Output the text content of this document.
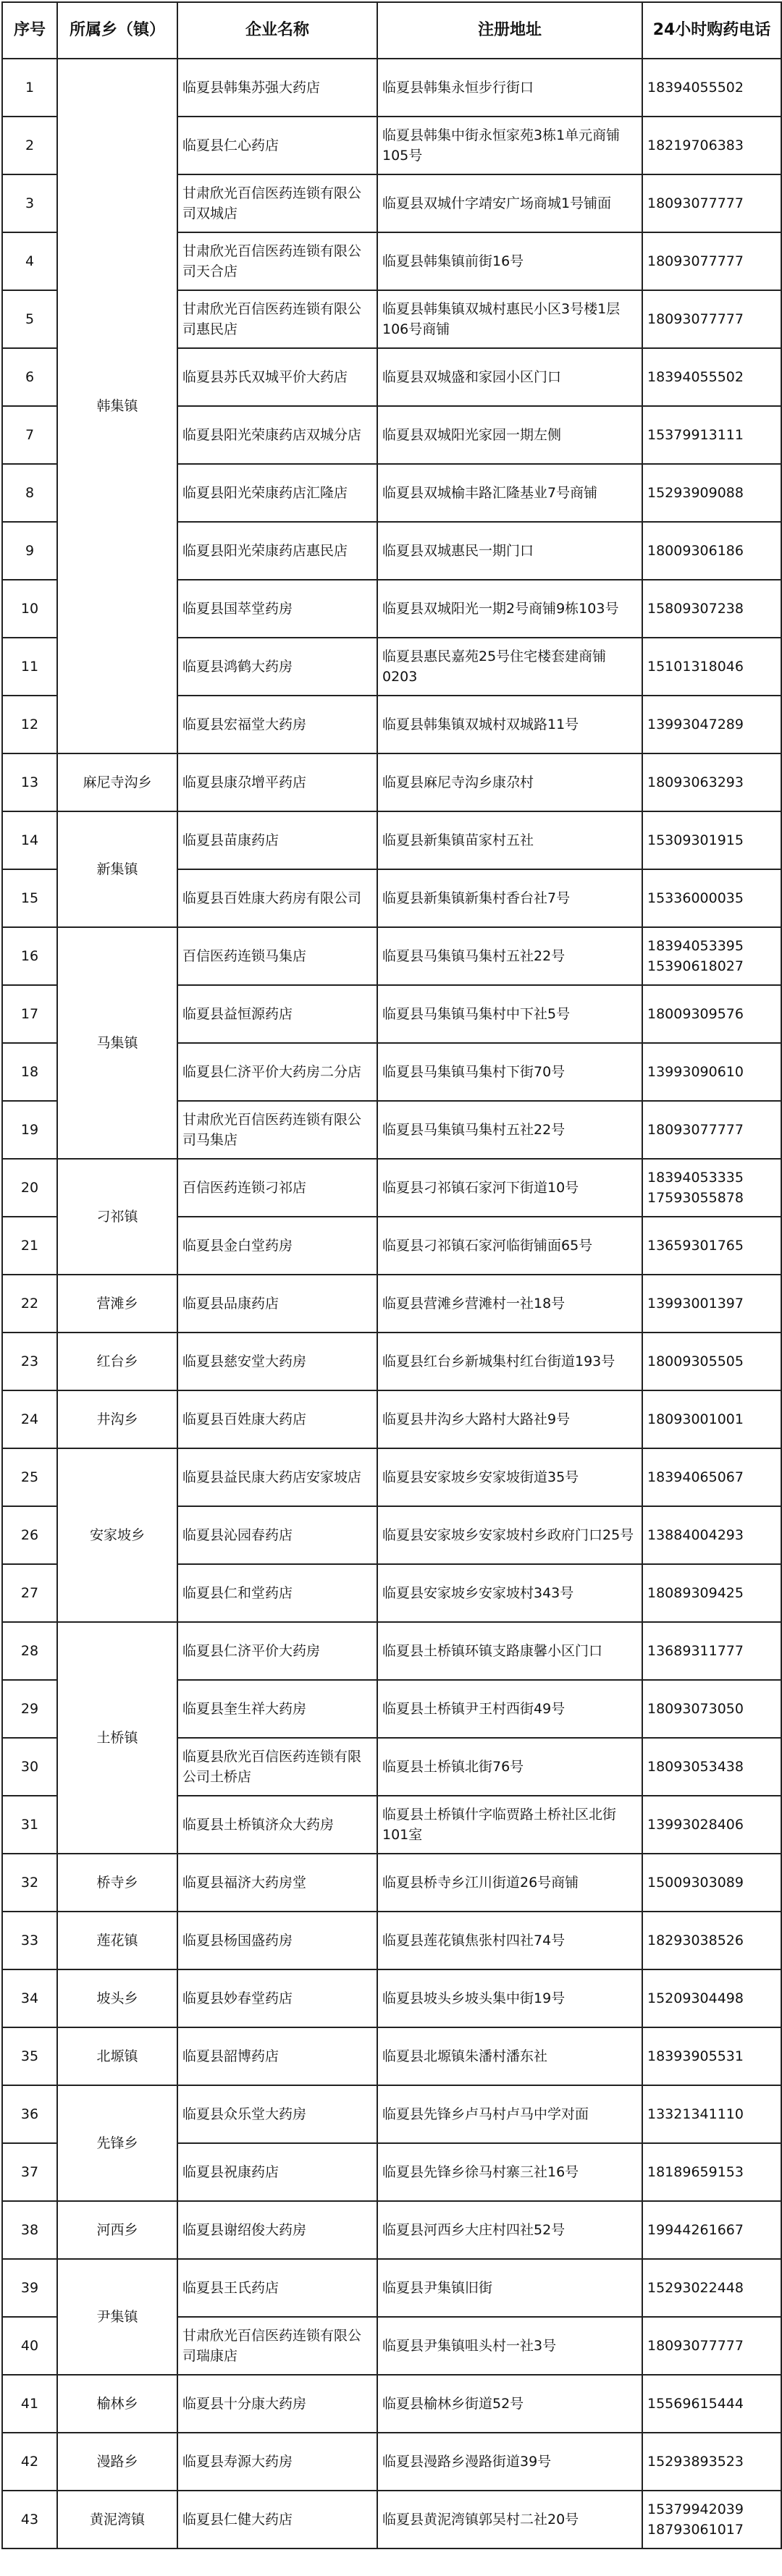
序号	所属乡（镇）	企业名称	注册地址	24小时购药电话
1	韩集镇	临夏县韩集苏强大药店	临夏县韩集永恒步行街口	18394055502

2		临夏县仁心药店	临夏县韩集中街永恒家苑3栋1单元商铺105号	18219706383

3		甘肃欣光百信医药连锁有限公司双城店	临夏县双城什字靖安广场商城1号铺面	18093077777

4		甘肃欣光百信医药连锁有限公司天合店	临夏县韩集镇前街16号	18093077777

5		甘肃欣光百信医药连锁有限公司惠民店	临夏县韩集镇双城村惠民小区3号楼1层106号商铺	18093077777

6		临夏县苏氏双城平价大药店	临夏县双城盛和家园小区门口	18394055502

7		临夏县阳光荣康药店双城分店	临夏县双城阳光家园一期左侧	15379913111

8		临夏县阳光荣康药店汇隆店	临夏县双城榆丰路汇隆基业7号商铺	15293909088

9		临夏县阳光荣康药店惠民店	临夏县双城惠民一期门口	18009306186

10		临夏县国萃堂药房	临夏县双城阳光一期2号商铺9栋103号	15809307238

11		临夏县鸿鹤大药房	临夏县惠民嘉苑25号住宅楼套建商铺0203	15101318046

12		临夏县宏福堂大药房	临夏县韩集镇双城村双城路11号	13993047289

13	麻尼寺沟乡	临夏县康尕增平药店	临夏县麻尼寺沟乡康尕村	18093063293

14	新集镇	临夏县苗康药店	临夏县新集镇苗家村五社	15309301915

15		临夏县百姓康大药房有限公司	临夏县新集镇新集村香台社7号	15336000035

16	马集镇	百信医药连锁马集店	临夏县马集镇马集村五社22号	18394053395
15390618027

17		临夏县益恒源药店	临夏县马集镇马集村中下社5号	18009309576

18		临夏县仁济平价大药房二分店	临夏县马集镇马集村下街70号	13993090610

19		甘肃欣光百信医药连锁有限公司马集店	临夏县马集镇马集村五社22号	18093077777

20	刁祁镇	百信医药连锁刁祁店	临夏县刁祁镇石家河下街道10号	18394053335
17593055878

21		临夏县金白堂药房	临夏县刁祁镇石家河临街铺面65号	13659301765

22	营滩乡	临夏县品康药店	临夏县营滩乡营滩村一社18号	13993001397

23	红台乡	临夏县慈安堂大药房	临夏县红台乡新城集村红台街道193号	18009305505

24	井沟乡	临夏县百姓康大药店	临夏县井沟乡大路村大路社9号	18093001001

25	安家坡乡	临夏县益民康大药店安家坡店	临夏县安家坡乡安家坡街道35号	18394065067

26		临夏县沁园春药店	临夏县安家坡乡安家坡村乡政府门口25号	13884004293

27		临夏县仁和堂药店	临夏县安家坡乡安家坡村343号	18089309425

28	土桥镇	临夏县仁济平价大药房	临夏县土桥镇环镇支路康馨小区门口	13689311777

29		临夏县奎生祥大药房	临夏县土桥镇尹王村西街49号	18093073050

30		临夏县欣光百信医药连锁有限公司土桥店	临夏县土桥镇北街76号	18093053438

31		临夏县土桥镇济众大药房	临夏县土桥镇什字临贾路土桥社区北街101室	13993028406

32	桥寺乡	临夏县福济大药房堂	临夏县桥寺乡江川街道26号商铺	15009303089

33	莲花镇	临夏县杨国盛药房	临夏县莲花镇焦张村四社74号	18293038526

34	坡头乡	临夏县妙春堂药店	临夏县坡头乡坡头集中街19号	15209304498

35	北塬镇	临夏县韶博药店	临夏县北塬镇朱潘村潘东社	18393905531

36	先锋乡	临夏县众乐堂大药房	临夏县先锋乡卢马村卢马中学对面	13321341110

37		临夏县祝康药店	临夏县先锋乡徐马村寨三社16号	18189659153

38	河西乡	临夏县谢绍俊大药房	临夏县河西乡大庄村四社52号	19944261667

39	尹集镇	临夏县王氏药店	临夏县尹集镇旧街	15293022448

40		甘肃欣光百信医药连锁有限公司瑞康店	临夏县尹集镇咀头村一社3号	18093077777

41	榆林乡	临夏县十分康大药房	临夏县榆林乡街道52号	15569615444

42	漫路乡	临夏县寿源大药房	临夏县漫路乡漫路街道39号	15293893523

43	黄泥湾镇	临夏县仁健大药店	临夏县黄泥湾镇郭吴村二社20号	15379942039
18793061017
